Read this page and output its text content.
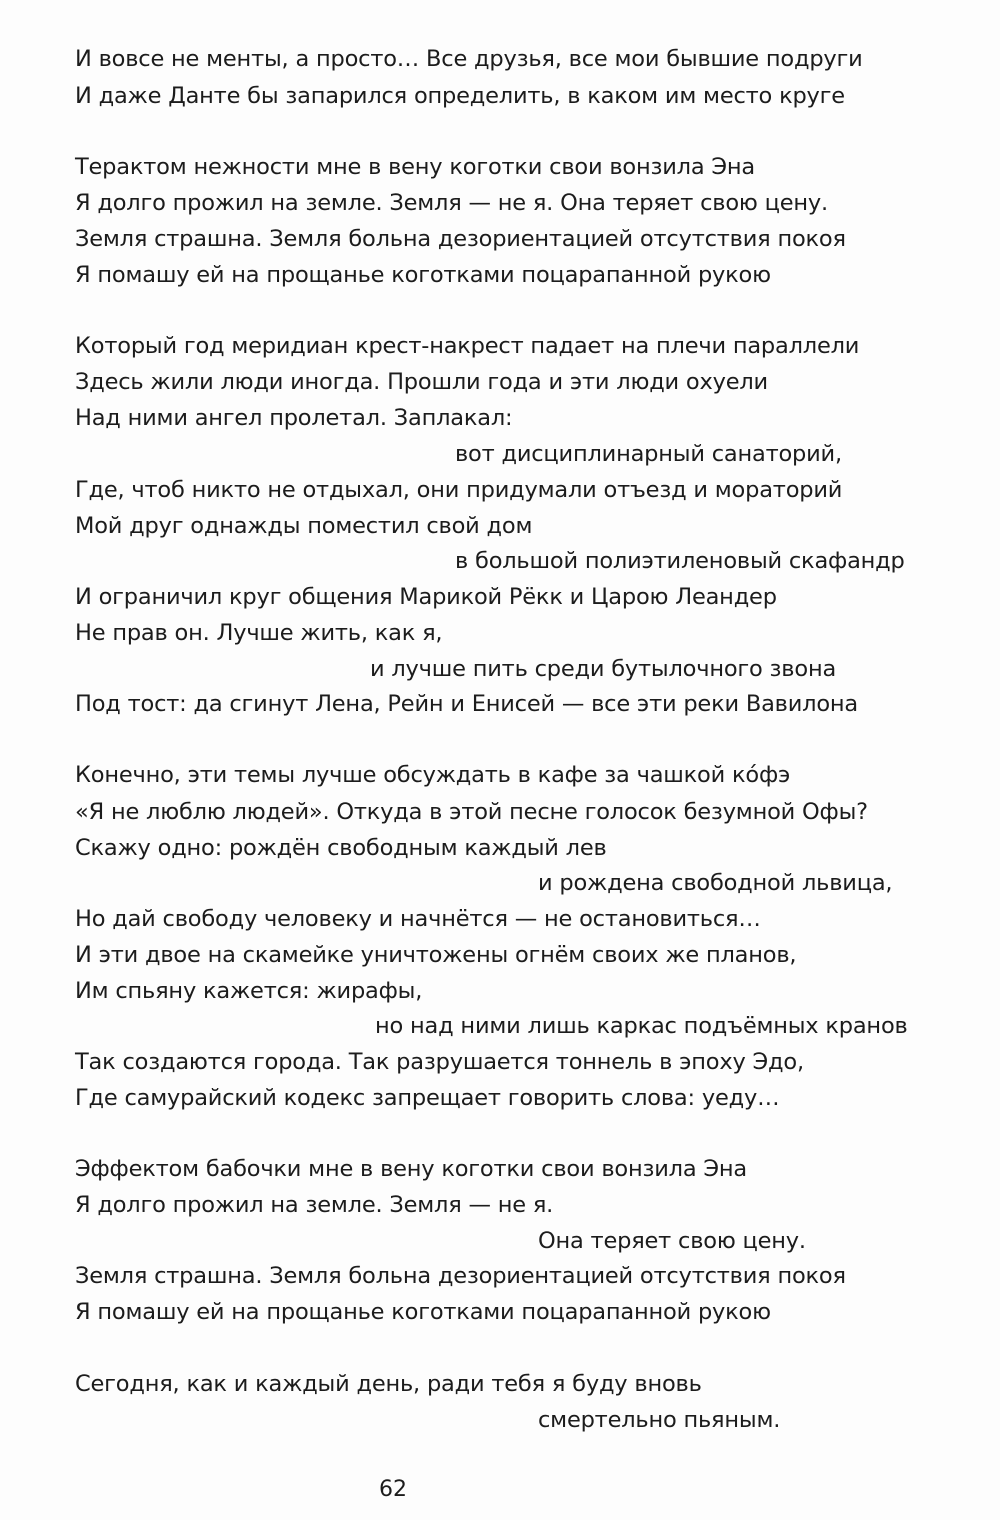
И вовсе не менты, а просто… Все друзья, все мои бывшие подруги
И даже Данте бы запарился определить, в каком им место круге
Терактом нежности мне в вену коготки свои вонзила Эна
Я долго прожил на земле. Земля — не я. Она теряет свою цену.
Земля страшна. Земля больна дезориентацией отсутствия покоя
Я помашу ей на прощанье коготками поцарапанной рукою
Который год меридиан крест-накрест падает на плечи параллели
Здесь жили люди иногда. Прошли года и эти люди охуели
Над ними ангел пролетал. Заплакал:
вот дисциплинарный санаторий,
Где, чтоб никто не отдыхал, они придумали отъезд и мораторий
Мой друг однажды поместил свой дом
в большой полиэтиленовый скафандр
И ограничил круг общения Марикой Рёкк и Царою Леандер
Не прав он. Лучше жить, как я,
и лучше пить среди бутылочного звона
Под тост: да сгинут Лена, Рейн и Енисей — все эти реки Вавилона
Конечно, эти темы лучше обсуждать в кафе за чашкой ко́фэ
«Я не люблю людей». Откуда в этой песне голосок безумной Офы?
Скажу одно: рождён свободным каждый лев
и рождена свободной львица,
Но дай свободу человеку и начнётся — не остановиться…
И эти двое на скамейке уничтожены огнём своих же планов,
Им спьяну кажется: жирафы,
но над ними лишь каркас подъёмных кранов
Так создаются города. Так разрушается тоннель в эпоху Эдо,
Где самурайский кодекс запрещает говорить слова: уеду…
Эффектом бабочки мне в вену коготки свои вонзила Эна
Я долго прожил на земле. Земля — не я.
Она теряет свою цену.
Земля страшна. Земля больна дезориентацией отсутствия покоя
Я помашу ей на прощанье коготками поцарапанной рукою
Сегодня, как и каждый день, ради тебя я буду вновь
смертельно пьяным.
62
